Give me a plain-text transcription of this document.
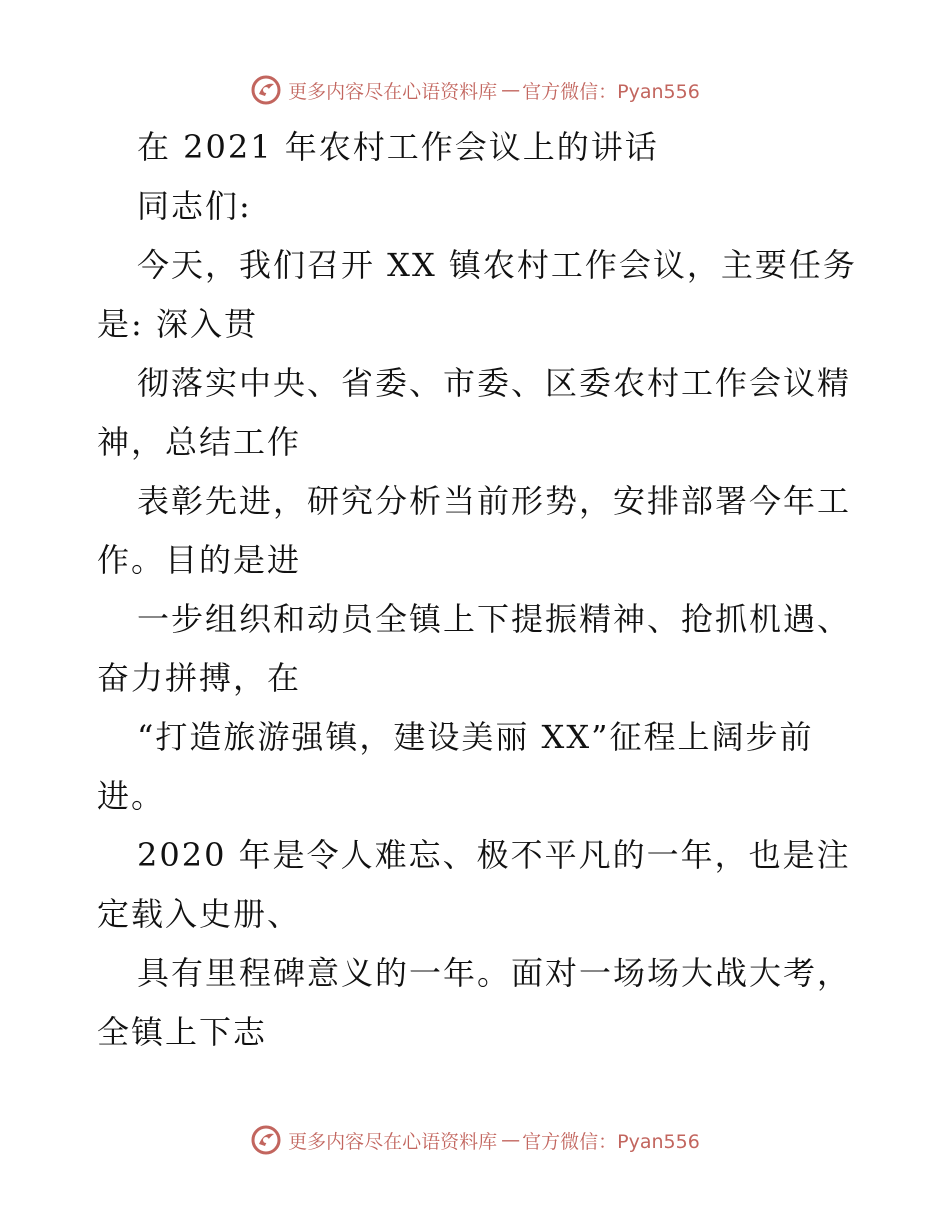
更多内容尽在心语资料库 — 官方微信：Pyan556
在 2021 年农村工作会议上的讲话
同志们:
今天，我们召开 XX 镇农村工作会议，主要任务
是: 深入贯
彻落实中央、省委、市委、区委农村工作会议精
神，总结工作
表彰先进，研究分析当前形势，安排部署今年工
作。目的是进
一步组织和动员全镇上下提振精神、抢抓机遇、
奋力拼搏，在
“打造旅游强镇，建设美丽 XX”征程上阔步前
进。
2020 年是令人难忘、极不平凡的一年，也是注
定载入史册、
具有里程碑意义的一年。面对一场场大战大考，
全镇上下志
更多内容尽在心语资料库 — 官方微信：Pyan556
